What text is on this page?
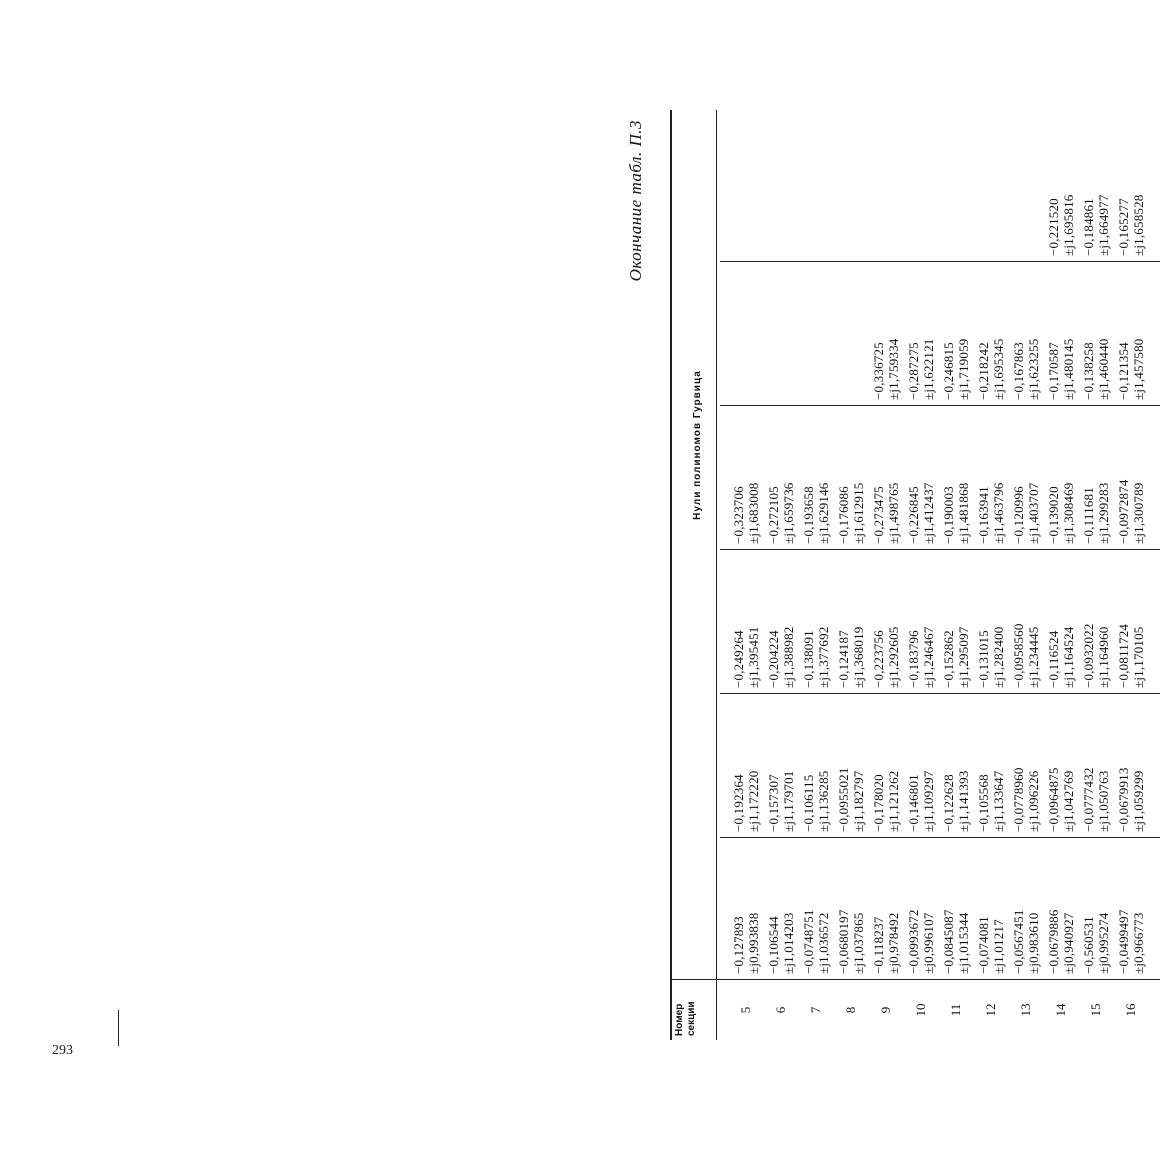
Окончание табл. П.3
Номер секции
Нули полиномов Гурвица
5
−0,127893 ±j0,993838
−0,192364 ±j1,172220
−0,249264 ±j1,395451
−0,323706 ±j1,683008
6
−0,106544 ±j1,014203
−0,157307 ±j1,179701
−0,204224 ±j1,388982
−0,272105 ±j1,659736
7
−0,0748751 ±j1,036572
−0,106115 ±j1,136285
−0,138091 ±j1,377692
−0,193658 ±j1,629146
8
−0,0680197 ±j1,037865
−0,0955021 ±j1,182797
−0,124187 ±j1,368019
−0,176086 ±j1,612915
9
−0,118237 ±j0,978492
−0,178020 ±j1,121262
−0,223756 ±j1,292605
−0,273475 ±j1,498765
−0,336725 ±j1,759334
10
−0,0993672 ±j0,996107
−0,146801 ±j1,109297
−0,183796 ±j1,246467
−0,226845 ±j1,412437
−0,287275 ±j1,622121
11
−0,0845087 ±j1,015344
−0,122628 ±j1,141393
−0,152862 ±j1,295097
−0,190003 ±j1,481868
−0,246815 ±j1,719059
12
−0,074081 ±j1,01217
−0,105568 ±j1,133647
−0,131015 ±j1,282400
−0,163941 ±j1,463796
−0,218242 ±j1,695345
13
−0,0567451 ±j0,983610
−0,0778960 ±j1,096226
−0,0958560 ±j1,234445
−0,120996 ±j1,403707
−0,167863 ±j1,623255
14
−0,0679886 ±j0,940927
−0,0964875 ±j1,042769
−0,116524 ±j1,164524
−0,139020 ±j1,308469
−0,170587 ±j1,480145
−0,221520 ±j1,695816
15
−0,560531 ±j0,995274
−0,0777432 ±j1,050763
−0,0932022 ±j1,164960
−0,111681 ±j1,299283
−0,138258 ±j1,460440
−0,184861 ±j1,664977
16
−0,0499497 ±j0,966773
−0,0679913 ±j1,059299
−0,0811724 ±j1,170105
−0,0972874 ±j1,300789
−0,121354 ±j1,457580
−0,165277 ±j1,658528
293
